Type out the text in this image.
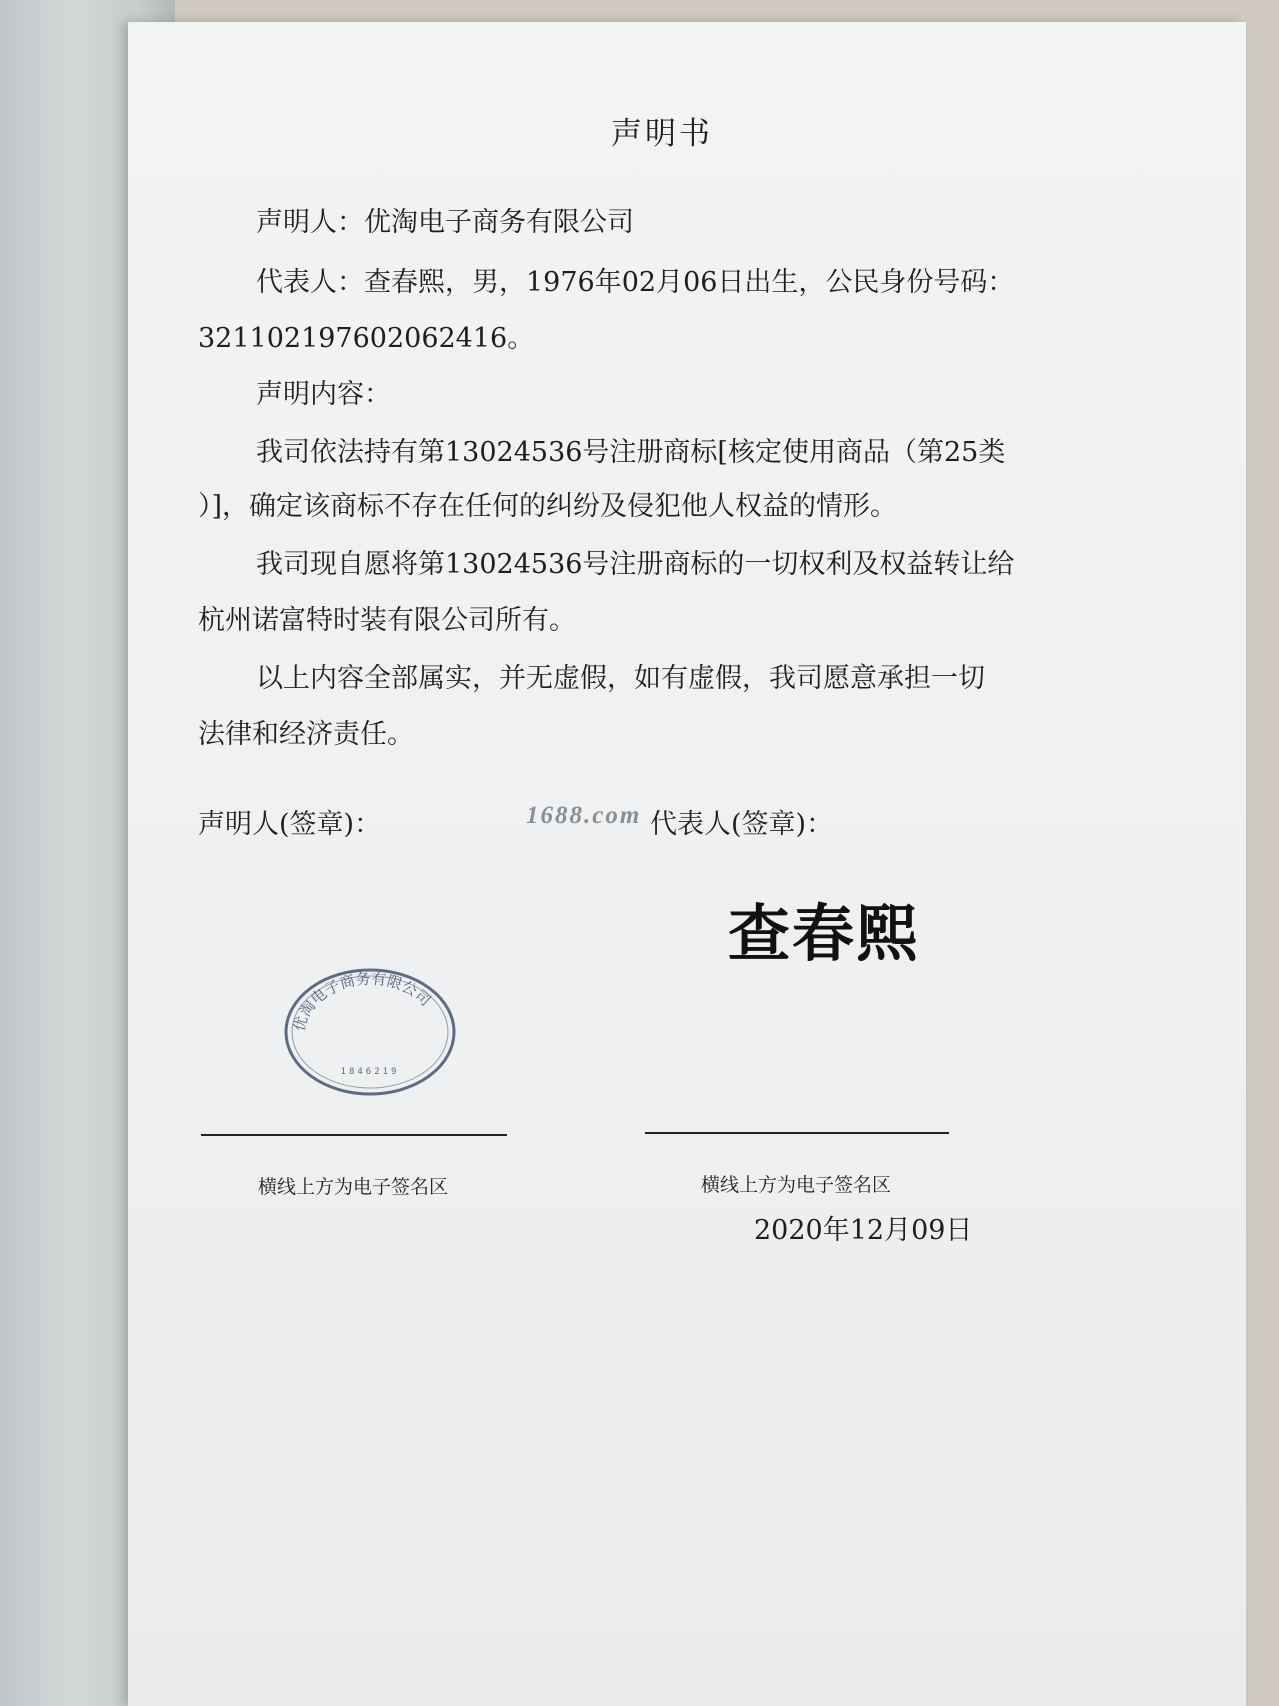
声明书
声明人：优淘电子商务有限公司
代表人：查春熙，男，1976年02月06日出生，公民身份号码：
321102197602062416。
声明内容：
我司依法持有第13024536号注册商标[核定使用商品（第25类
）]，确定该商标不存在任何的纠纷及侵犯他人权益的情形。
我司现自愿将第13024536号注册商标的一切权利及权益转让给
杭州诺富特时装有限公司所有。
以上内容全部属实，并无虚假，如有虚假，我司愿意承担一切
法律和经济责任。
声明人(签章)：	1688.com 代表人(签章)：
查春熙
优淘电子商务有限公司
1846219
横线上方为电子签名区	横线上方为电子签名区
2020年12月09日
